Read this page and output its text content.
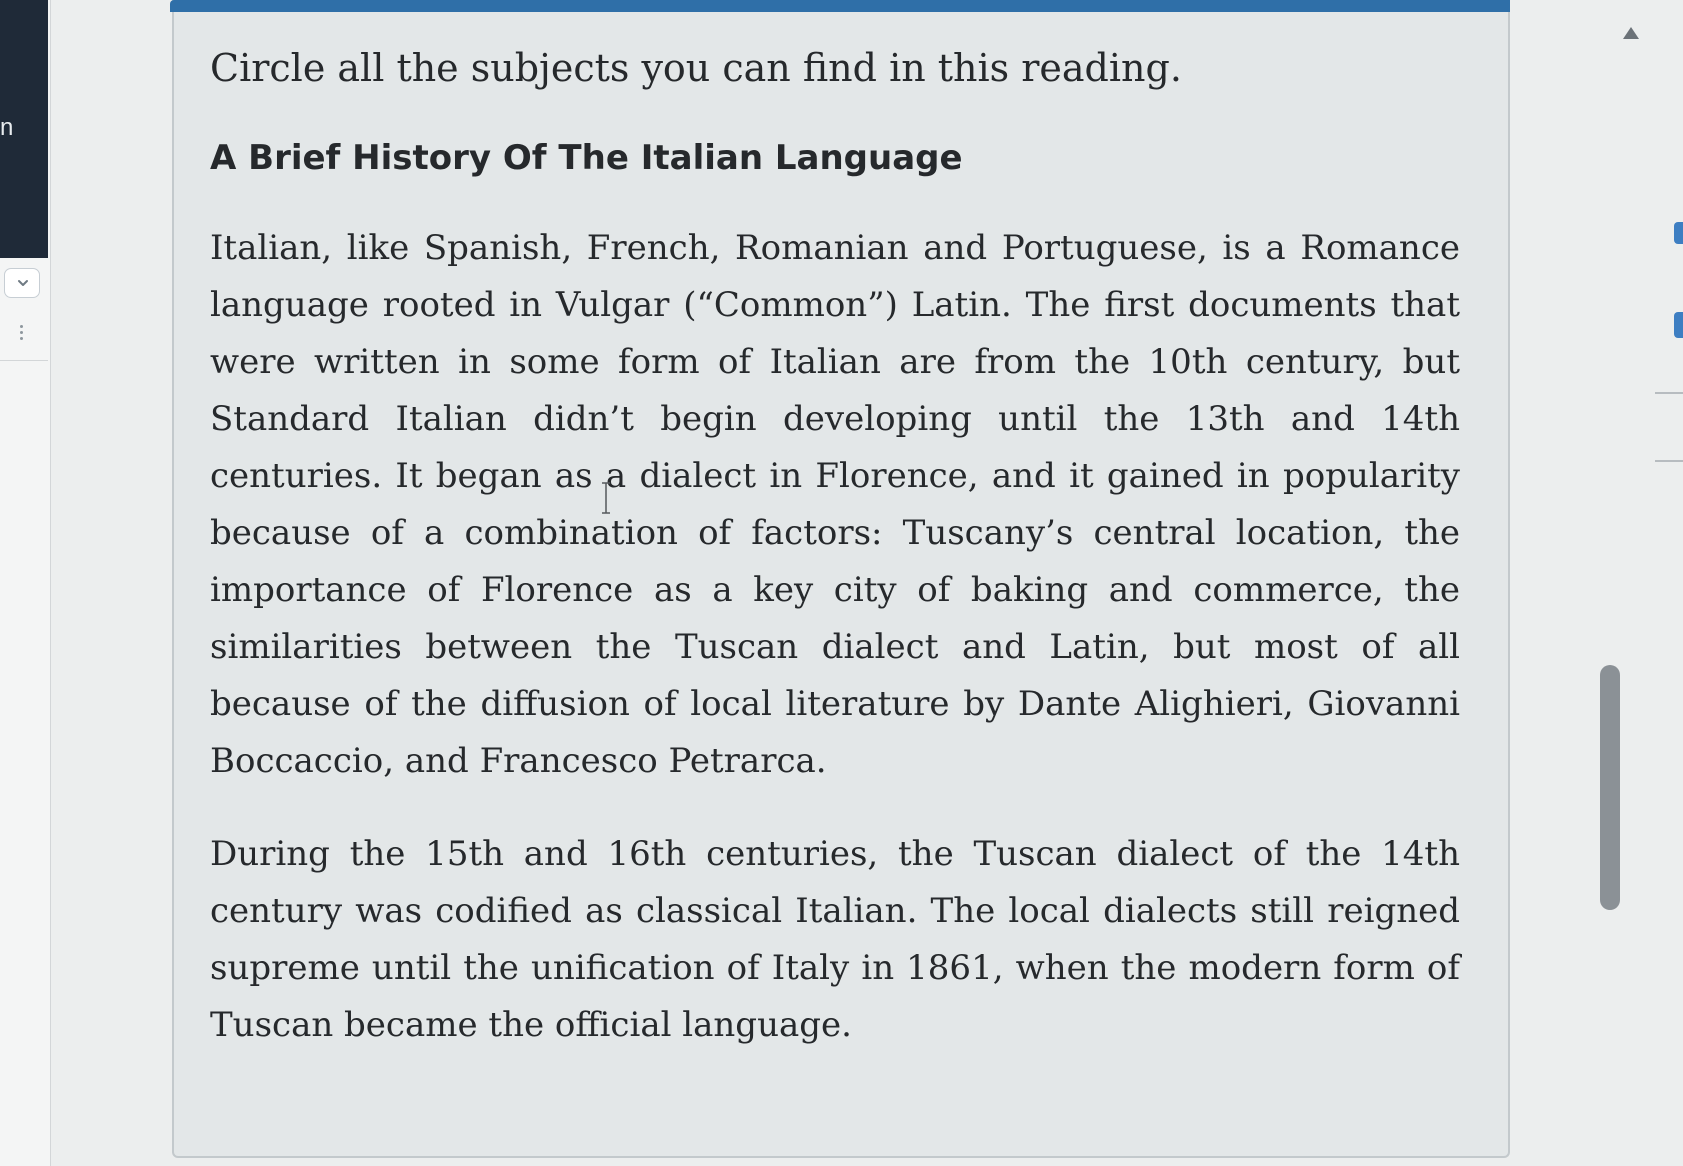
n

Circle all the subjects you can find in this reading.

A Brief History Of The Italian Language

Italian, like Spanish, French, Romanian and Portuguese, is a Romance language rooted in Vulgar (“Common”) Latin. The first documents that were written in some form of Italian are from the 10th century, but Standard Italian didn’t begin developing until the 13th and 14th centuries. It began as a dialect in Florence, and it gained in popularity because of a combination of factors: Tuscany’s central location, the importance of Florence as a key city of baking and commerce, the similarities between the Tuscan dialect and Latin, but most of all because of the diffusion of local literature by Dante Alighieri, Giovanni Boccaccio, and Francesco Petrarca.

During the 15th and 16th centuries, the Tuscan dialect of the 14th century was codified as classical Italian. The local dialects still reigned supreme until the unification of Italy in 1861, when the modern form of Tuscan became the official language.
